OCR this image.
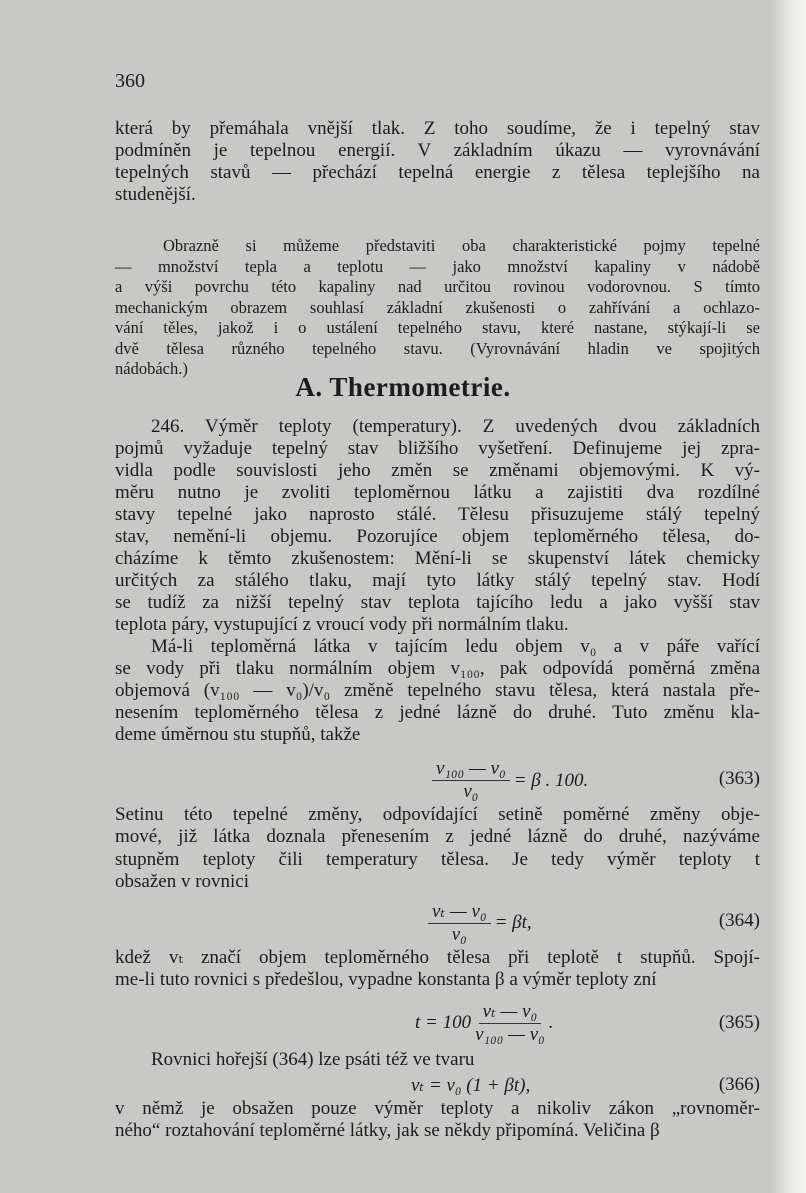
360
která by přemáhala vnější tlak. Z toho soudíme, že i tepelný stav
podmíněn je tepelnou energií. V základním úkazu — vyrovnávání
tepelných stavů — přechází tepelná energie z tělesa teplejšího na
studenější.
Obrazně si můžeme představiti oba charakteristické pojmy tepelné
— množství tepla a teplotu — jako množství kapaliny v nádobě
a výši povrchu této kapaliny nad určitou rovinou vodorovnou. S tímto
mechanickým obrazem souhlasí základní zkušenosti o zahřívání a ochlazo-
vání těles, jakož i o ustálení tepelného stavu, které nastane, stýkají-li se
dvě tělesa různého tepelného stavu. (Vyrovnávání hladin ve spojitých
nádobách.)
A. Thermometrie.
246. Výměr teploty (temperatury). Z uvedených dvou základních
pojmů vyžaduje tepelný stav bližšího vyšetření. Definujeme jej zpra-
vidla podle souvislosti jeho změn se změnami objemovými. K vý-
měru nutno je zvoliti teploměrnou látku a zajistiti dva rozdílné
stavy tepelné jako naprosto stálé. Tělesu přisuzujeme stálý tepelný
stav, nemění-li objemu. Pozorujíce objem teploměrného tělesa, do-
cházíme k těmto zkušenostem: Mění-li se skupenství látek chemicky
určitých za stálého tlaku, mají tyto látky stálý tepelný stav. Hodí
se tudíž za nižší tepelný stav teplota tajícího ledu a jako vyšší stav
teplota páry, vystupující z vroucí vody při normálním tlaku.
Má-li teploměrná látka v tajícím ledu objem v₀ a v páře vařící
se vody při tlaku normálním objem v₁₀₀, pak odpovídá poměrná změna
objemová (v₁₀₀ — v₀)/v₀ změně tepelného stavu tělesa, která nastala pře-
nesením teploměrného tělesa z jedné lázně do druhé. Tuto změnu kla-
deme úměrnou stu stupňů, takže
$\frac{\text{v₁₀₀ — v₀}}{\text{v₀}} = \beta$ . 100.	(363)
Setinu této tepelné změny, odpovídající setině poměrné změny obje-
mové, již látka doznala přenesením z jedné lázně do druhé, nazýváme
stupněm teploty čili temperatury tělesa. Je tedy výměr teploty t
obsažen v rovnici
$\frac{\text{vₜ — v₀}}{\text{v₀}} = \beta t$,	(364)
kdež vₜ značí objem teploměrného tělesa při teplotě t stupňů. Spojí-
me-li tuto rovnici s předešlou, vypadne konstanta β a výměr teploty zní
$t = 100 \frac{\text{vₜ — v₀}}{\text{v₁₀₀ — v₀}}$ .	(365)
Rovnici hořejší (364) lze psáti též ve tvaru
vₜ = v₀ (1 + βt),	(366)
v němž je obsažen pouze výměr teploty a nikoliv zákon „rovnoměr-
ného“ roztahování teploměrné látky, jak se někdy připomíná. Veličina β
